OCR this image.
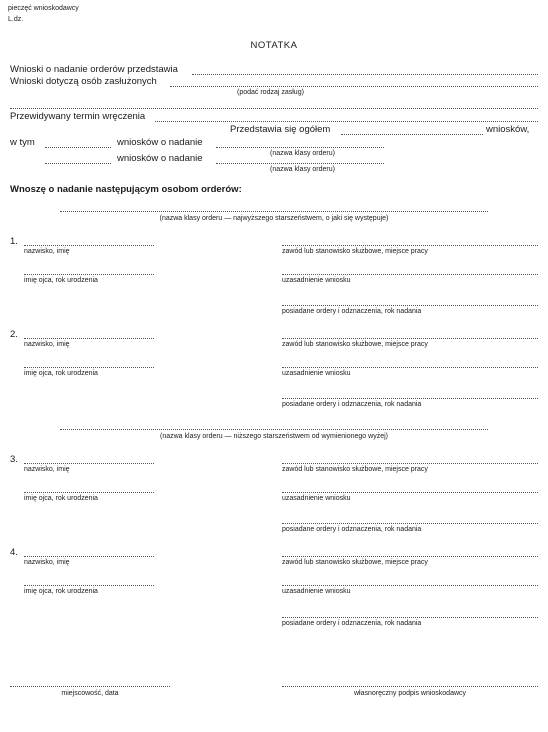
pieczęć wnioskodawcy
L.dz.
NOTATKA
Wnioski o nadanie orderów przedstawia
Wnioski dotyczą osób zasłużonych
(podać rodzaj zasług)
Przewidywany termin wręczenia
Przedstawia się ogółem	wniosków,
w tym	wniosków o nadanie
(nazwa klasy orderu)
wniosków o nadanie
(nazwa klasy orderu)
Wnoszę o nadanie następującym osobom orderów:
(nazwa klasy orderu — najwyższego starszeństwem, o jaki się występuje)
1.
nazwisko, imię	zawód lub stanowisko służbowe, miejsce pracy
imię ojca, rok urodzenia	uzasadnienie wniosku
posiadane ordery i odznaczenia, rok nadania
2.
nazwisko, imię	zawód lub stanowisko służbowe, miejsce pracy
imię ojca, rok urodzenia	uzasadnienie wniosku
posiadane ordery i odznaczenia, rok nadania
(nazwa klasy orderu — niższego starszeństwem od wymienionego wyżej)
3.
nazwisko, imię	zawód lub stanowisko służbowe, miejsce pracy
imię ojca, rok urodzenia	uzasadnienie wniosku
posiadane ordery i odznaczenia, rok nadania
4.
nazwisko, imię	zawód lub stanowisko służbowe, miejsce pracy
imię ojca, rok urodzenia	uzasadnienie wniosku
posiadane ordery i odznaczenia, rok nadania
miejscowość, data	własnoręczny podpis wnioskodawcy
